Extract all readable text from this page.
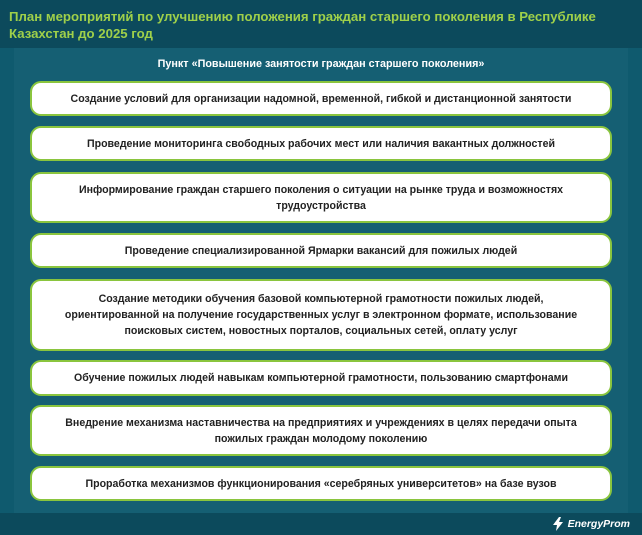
План мероприятий по улучшению положения граждан старшего поколения в Республике Казахстан до 2025 год
Пункт «Повышение занятости граждан старшего поколения»
Создание условий для организации надомной, временной, гибкой и дистанционной занятости
Проведение мониторинга свободных рабочих мест или наличия вакантных должностей
Информирование граждан старшего поколения о ситуации на рынке труда и возможностях трудоустройства
Проведение специализированной Ярмарки вакансий для пожилых людей
Создание методики обучения базовой компьютерной грамотности пожилых людей, ориентированной на получение государственных услуг в электронном формате, использование поисковых систем, новостных порталов, социальных сетей, оплату услуг
Обучение пожилых людей навыкам компьютерной грамотности, пользованию смартфонами
Внедрение механизма наставничества на предприятиях и учреждениях в целях передачи опыта пожилых граждан молодому поколению
Проработка механизмов функционирования «серебряных университетов» на базе вузов
EnergyProm
